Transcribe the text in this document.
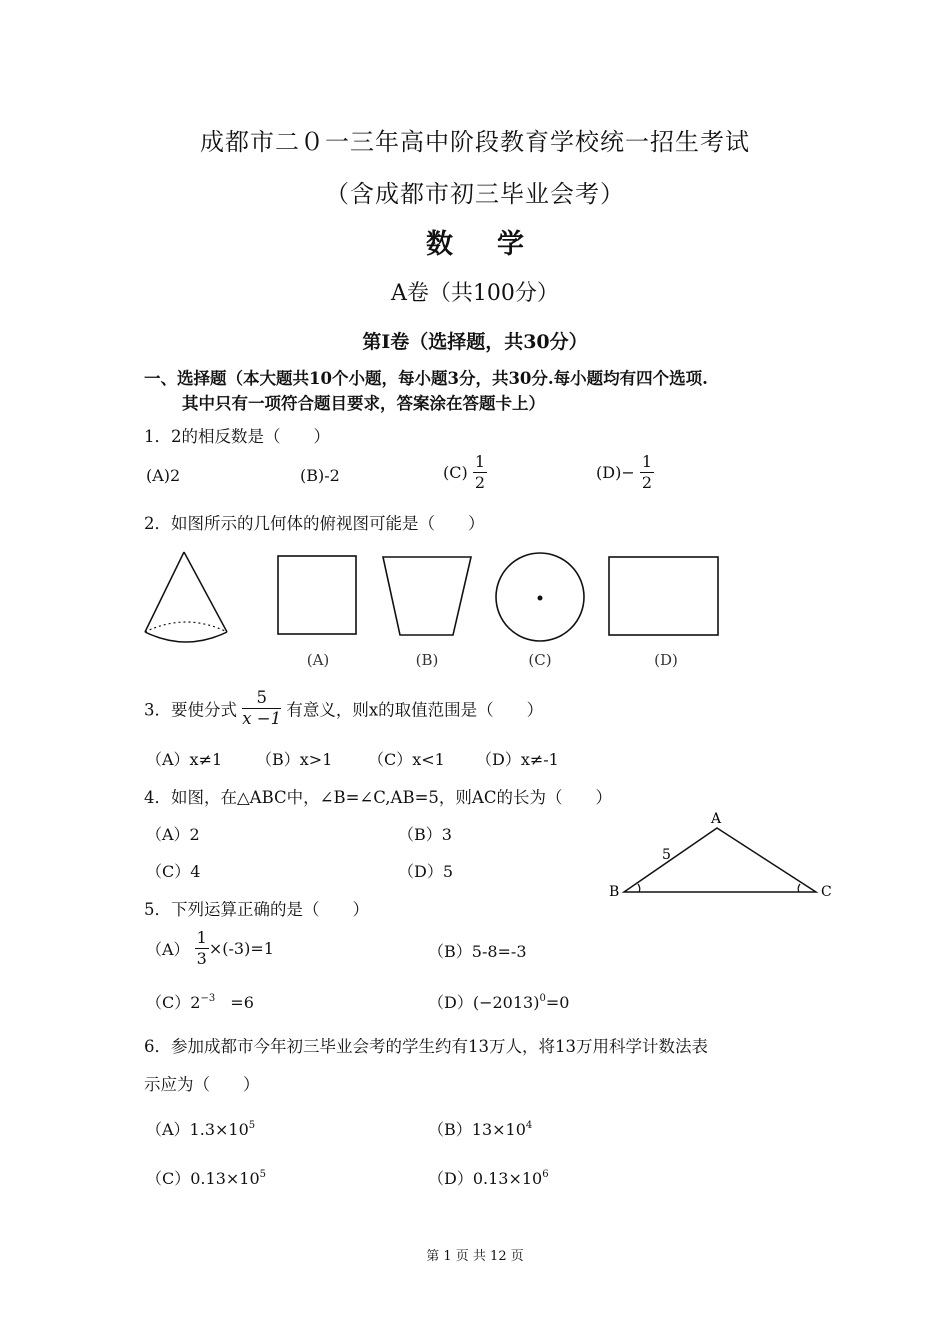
成都市二０一三年高中阶段教育学校统一招生考试
（含成都市初三毕业会考）
数学
A卷（共100分）
第Ⅰ卷（选择题，共30分）
一、选择题（本大题共10个小题，每小题3分，共30分.每小题均有四个选项.
其中只有一项符合题目要求，答案涂在答题卡上）
1．2的相反数是（　　）
(A)2	(B)-2	$(C) \frac{1}{2}$	$(D)- \frac{1}{2}$
2．如图所示的几何体的俯视图可能是（　　）
(A)	(B)	(C)	(D)
3．要使分式 $\frac{5}{x -1}$ 有意义，则x的取值范围是（　　）
（A）x≠1 （B）x>1 （C）x<1 （D）x≠-1
4．如图，在△ABC中，∠B=∠C,AB=5，则AC的长为（　　）
（A）2	（B）3
（C）4	（D）5
A
B	C
5
5．下列运算正确的是（　　）
$(A) \frac{1}{3} \times(-3)=1$	（B）5-8=-3
$(C)2^{-3} =6$	$(D)(-2013)^0=0$
6．参加成都市今年初三毕业会考的学生约有13万人，将13万用科学计数法表
示应为（　　）
$(A)1.3\times 10^5$	$(B)13\times 10^4$
$(C)0.13\times 10^5$	$(D)0.13\times 10^6$
第 1 页 共 12 页
